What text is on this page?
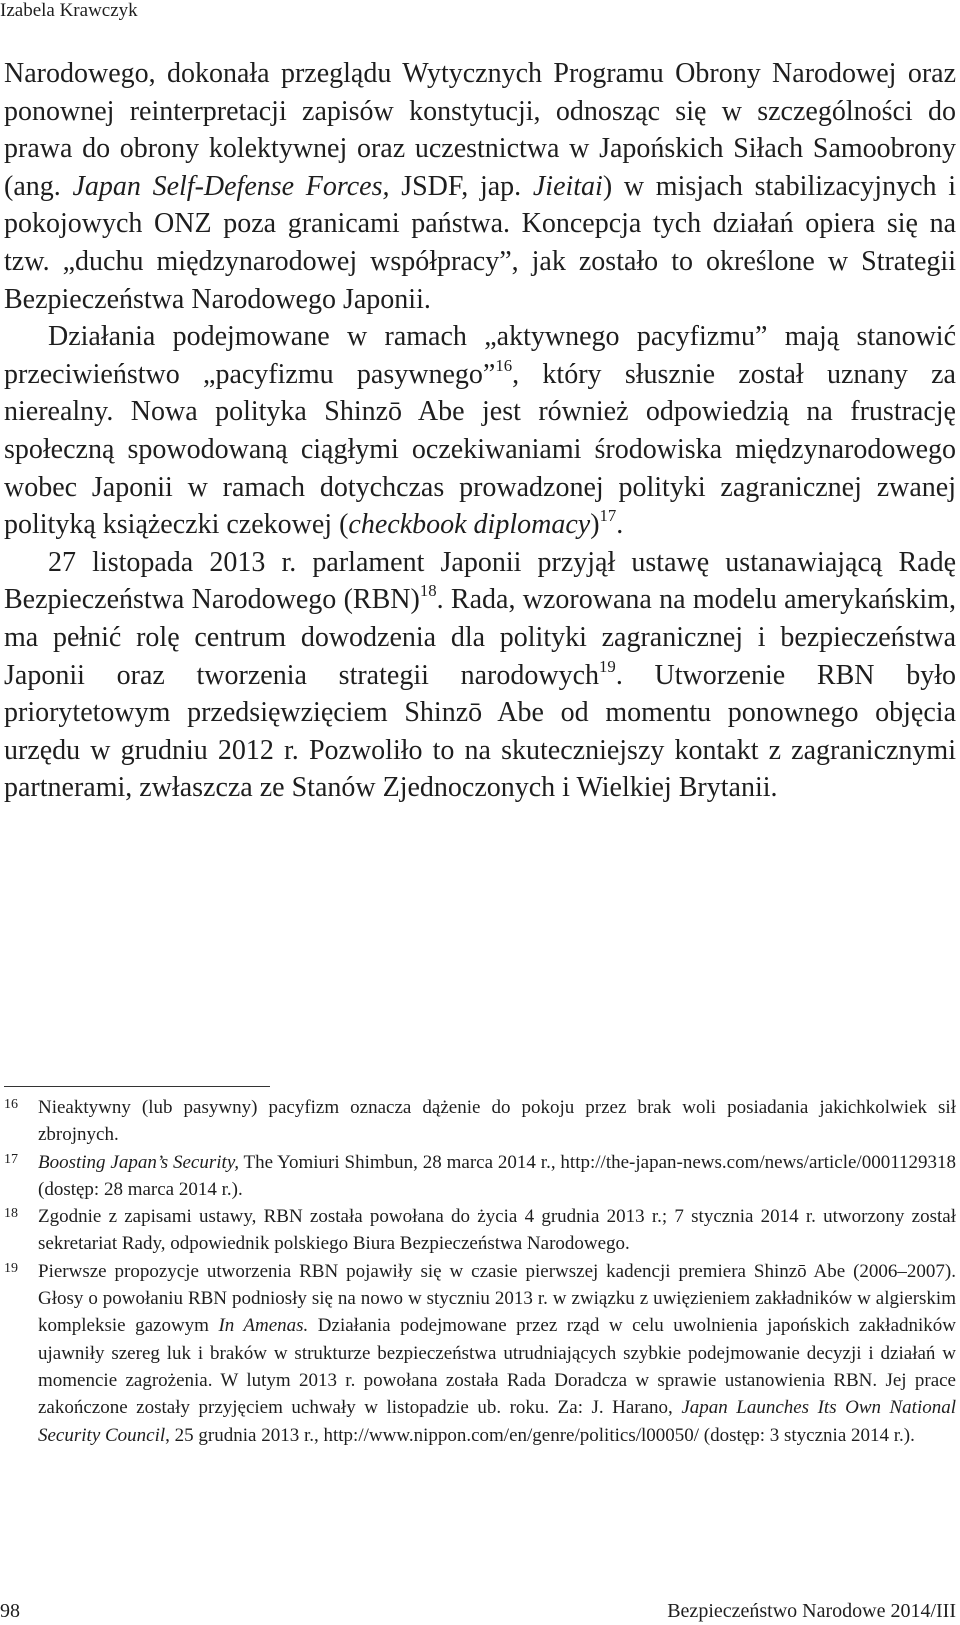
Izabela Krawczyk

Narodowego, dokonała przeglądu Wytycznych Programu Obrony Narodowej oraz ponownej reinterpretacji zapisów konstytucji, odnosząc się w szczególności do prawa do obrony kolektywnej oraz uczestnictwa w Japońskich Siłach Samoobrony (ang. Japan Self-Defense Forces, JSDF, jap. Jieitai) w misjach stabilizacyjnych i pokojowych ONZ poza granicami państwa. Koncepcja tych działań opiera się na tzw. „duchu międzynarodowej współpracy”, jak zostało to określone w Strategii Bezpieczeństwa Narodowego Japonii.

Działania podejmowane w ramach „aktywnego pacyfizmu” mają stanowić przeciwieństwo „pacyfizmu pasywnego”$^{16}$, który słusznie został uznany za nierealny. Nowa polityka Shinzō Abe jest również odpowiedzią na frustrację społeczną spowodowaną ciągłymi oczekiwaniami środowiska międzynarodowego wobec Japonii w ramach dotychczas prowadzonej polityki zagranicznej zwanej polityką książeczki czekowej (checkbook diplomacy)$^{17}$.

27 listopada 2013 r. parlament Japonii przyjął ustawę ustanawiającą Radę Bezpieczeństwa Narodowego (RBN)$^{18}$. Rada, wzorowana na modelu amerykańskim, ma pełnić rolę centrum dowodzenia dla polityki zagranicznej i bezpieczeństwa Japonii oraz tworzenia strategii narodowych$^{19}$. Utworzenie RBN było priorytetowym przedsięwzięciem Shinzō Abe od momentu ponownego objęcia urzędu w grudniu 2012 r. Pozwoliło to na skuteczniejszy kontakt z zagranicznymi partnerami, zwłaszcza ze Stanów Zjednoczonych i Wielkiej Brytanii.

16	Nieaktywny (lub pasywny) pacyfizm oznacza dążenie do pokoju przez brak woli posiadania jakichkolwiek sił zbrojnych.
17	Boosting Japan’s Security, The Yomiuri Shimbun, 28 marca 2014 r., http://the-japan-news.com/news/article/0001129318 (dostęp: 28 marca 2014 r.).
18	Zgodnie z zapisami ustawy, RBN została powołana do życia 4 grudnia 2013 r.; 7 stycznia 2014 r. utworzony został sekretariat Rady, odpowiednik polskiego Biura Bezpieczeństwa Narodowego.
19	Pierwsze propozycje utworzenia RBN pojawiły się w czasie pierwszej kadencji premiera Shinzō Abe (2006–2007). Głosy o powołaniu RBN podniosły się na nowo w styczniu 2013 r. w związku z uwięzieniem zakładników w algierskim kompleksie gazowym In Amenas. Działania podejmowane przez rząd w celu uwolnienia japońskich zakładników ujawniły szereg luk i braków w strukturze bezpieczeństwa utrudniających szybkie podejmowanie decyzji i działań w momencie zagrożenia. W lutym 2013 r. powołana została Rada Doradcza w sprawie ustanowienia RBN. Jej prace zakończone zostały przyjęciem uchwały w listopadzie ub. roku. Za: J. Harano, Japan Launches Its Own National Security Council, 25 grudnia 2013 r., http://www.nippon.com/en/genre/politics/l00050/ (dostęp: 3 stycznia 2014 r.).
98	Bezpieczeństwo Narodowe 2014/III
